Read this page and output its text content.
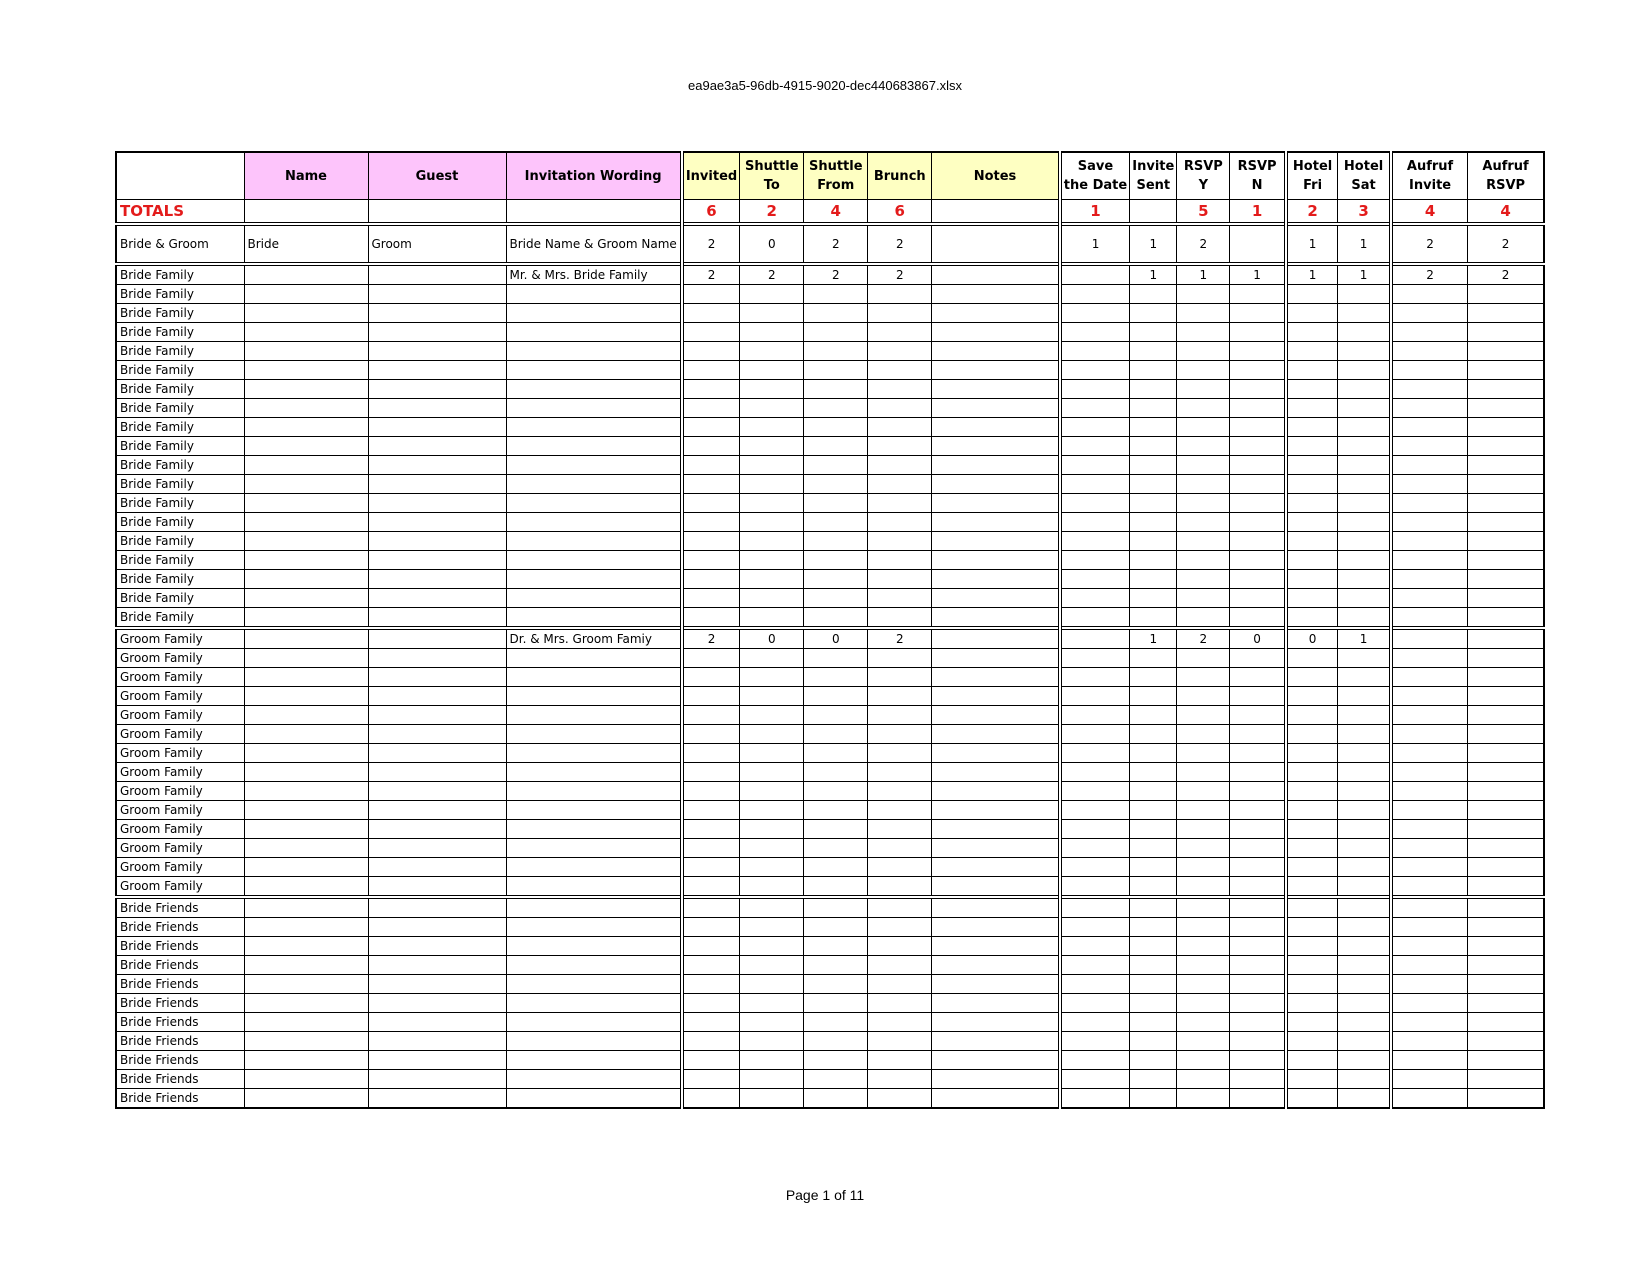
ea9ae3a5-96db-4915-9020-dec440683867.xlsx
	Name	Guest	Invitation Wording	Invited	Shuttle To	Shuttle From	Brunch	Notes	Save the Date	Invite Sent	RSVP Y	RSVP N	Hotel Fri	Hotel Sat	Aufruf Invite	Aufruf RSVP
TOTALS				6	2	4	6		1		5	1	2	3	4	4
Bride & Groom	Bride	Groom	Bride Name & Groom Name	2	0	2	2		1	1	2		1	1	2	2
Bride Family			Mr. & Mrs. Bride Family	2	2	2	2			1	1	1	1	1	2	2
Bride Family																
Bride Family																
Bride Family																
Bride Family																
Bride Family																
Bride Family																
Bride Family																
Bride Family																
Bride Family																
Bride Family																
Bride Family																
Bride Family																
Bride Family																
Bride Family																
Bride Family																
Bride Family																
Bride Family																
Bride Family																
Groom Family			Dr. & Mrs. Groom Famiy	2	0	0	2			1	2	0	0	1		
Groom Family																
Groom Family																
Groom Family																
Groom Family																
Groom Family																
Groom Family																
Groom Family																
Groom Family																
Groom Family																
Groom Family																
Groom Family																
Groom Family																
Groom Family																
Bride Friends																
Bride Friends																
Bride Friends																
Bride Friends																
Bride Friends																
Bride Friends																
Bride Friends																
Bride Friends																
Bride Friends																
Bride Friends																
Bride Friends																
Page 1 of 11
